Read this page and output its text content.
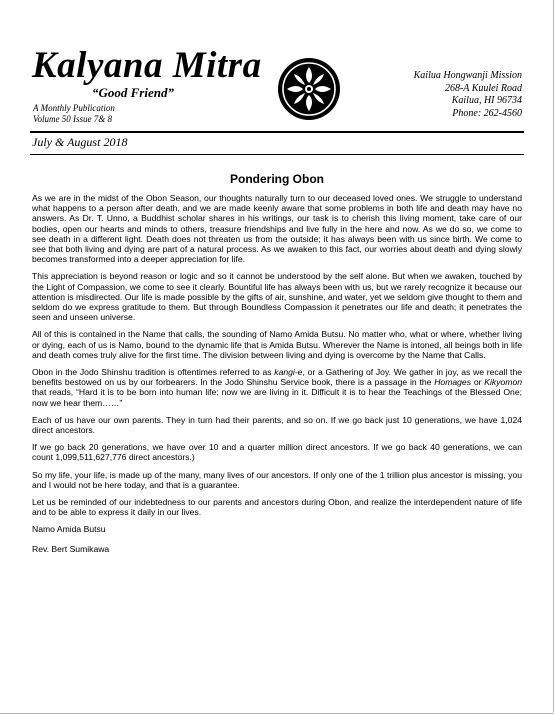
Kalyana Mitra
“Good Friend”
A Monthly Publication
Volume 50 Issue 7& 8
Kailua Hongwanji Mission
268-A Kuulei Road
Kailua, HI 96734
Phone: 262-4560
July & August 2018
Pondering Obon

As we are in the midst of the Obon Season, our thoughts naturally turn to our deceased loved ones. We struggle to understand what happens to a person after death, and we are made keenly aware that some problems in both life and death may have no answers. As Dr. T. Unno, a Buddhist scholar shares in his writings, our task is to cherish this living moment, take care of our bodies, open our hearts and minds to others, treasure friendships and live fully in the here and now. As we do so, we come to see death in a different light. Death does not threaten us from the outside; it has always been with us since birth. We come to see that both living and dying are part of a natural process. As we awaken to this fact, our worries about death and dying slowly becomes transformed into a deeper appreciation for life.

This appreciation is beyond reason or logic and so it cannot be understood by the self alone. But when we awaken, touched by the Light of Compassion, we come to see it clearly. Bountiful life has always been with us, but we rarely recognize it because our attention is misdirected. Our life is made possible by the gifts of air, sunshine, and water, yet we seldom give thought to them and seldom do we express gratitude to them. But through Boundless Compassion it penetrates our life and death; it penetrates the seen and unseen universe.

All of this is contained in the Name that calls, the sounding of Namo Amida Butsu. No matter who, what or where, whether living or dying, each of us is Namo, bound to the dynamic life that is Amida Butsu. Wherever the Name is intoned, all beings both in life and death comes truly alive for the first time. The division between living and dying is overcome by the Name that Calls.

Obon in the Jodo Shinshu tradition is oftentimes referred to as kangi-e, or a Gathering of Joy. We gather in joy, as we recall the benefits bestowed on us by our forbearers. In the Jodo Shinshu Service book, there is a passage in the Homages or Kikyomon that reads, “Hard it is to be born into human life; now we are living in it. Difficult it is to hear the Teachings of the Blessed One; now we hear them……”

Each of us have our own parents. They in turn had their parents, and so on. If we go back just 10 generations, we have 1,024 direct ancestors.

If we go back 20 generations, we have over 10 and a quarter million direct ancestors. If we go back 40 generations, we can count 1,099,511,627,776 direct ancestors.)

So my life, your life, is made up of the many, many lives of our ancestors. If only one of the 1 trillion plus ancestor is missing, you and I would not be here today, and that is a guarantee.

Let us be reminded of our indebtedness to our parents and ancestors during Obon, and realize the interdependent nature of life and to be able to express it daily in our lives.

Namo Amida Butsu

Rev. Bert Sumikawa
